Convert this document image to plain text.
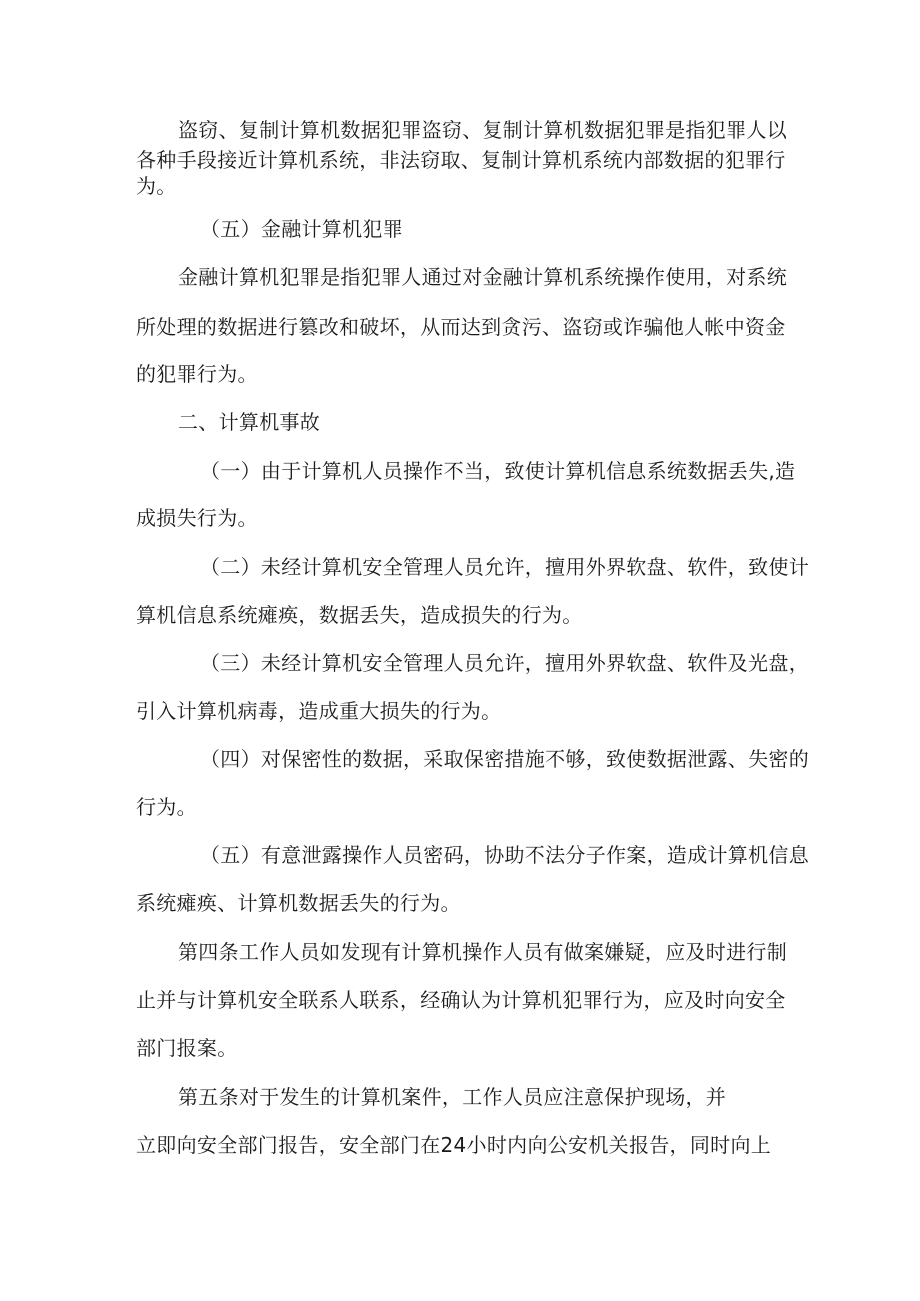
盗窃、复制计算机数据犯罪盗窃、复制计算机数据犯罪是指犯罪人以
各种手段接近计算机系统，非法窃取、复制计算机系统内部数据的犯罪行
为。
（五）金融计算机犯罪
金融计算机犯罪是指犯罪人通过对金融计算机系统操作使用，对系统
所处理的数据进行篡改和破坏，从而达到贪污、盗窃或诈骗他人帐中资金
的犯罪行为。
二、计算机事故
（一）由于计算机人员操作不当，致使计算机信息系统数据丢失,造
成损失行为。
（二）未经计算机安全管理人员允许，擅用外界软盘、软件，致使计
算机信息系统瘫痪，数据丢失，造成损失的行为。
（三）未经计算机安全管理人员允许，擅用外界软盘、软件及光盘，
引入计算机病毒，造成重大损失的行为。
（四）对保密性的数据，采取保密措施不够，致使数据泄露、失密的
行为。
（五）有意泄露操作人员密码，协助不法分子作案，造成计算机信息
系统瘫痪、计算机数据丢失的行为。
第四条工作人员如发现有计算机操作人员有做案嫌疑，应及时进行制
止并与计算机安全联系人联系，经确认为计算机犯罪行为，应及时向安全
部门报案。
第五条对于发生的计算机案件，工作人员应注意保护现场，并
立即向安全部门报告，安全部门在24小时内向公安机关报告，同时向上
